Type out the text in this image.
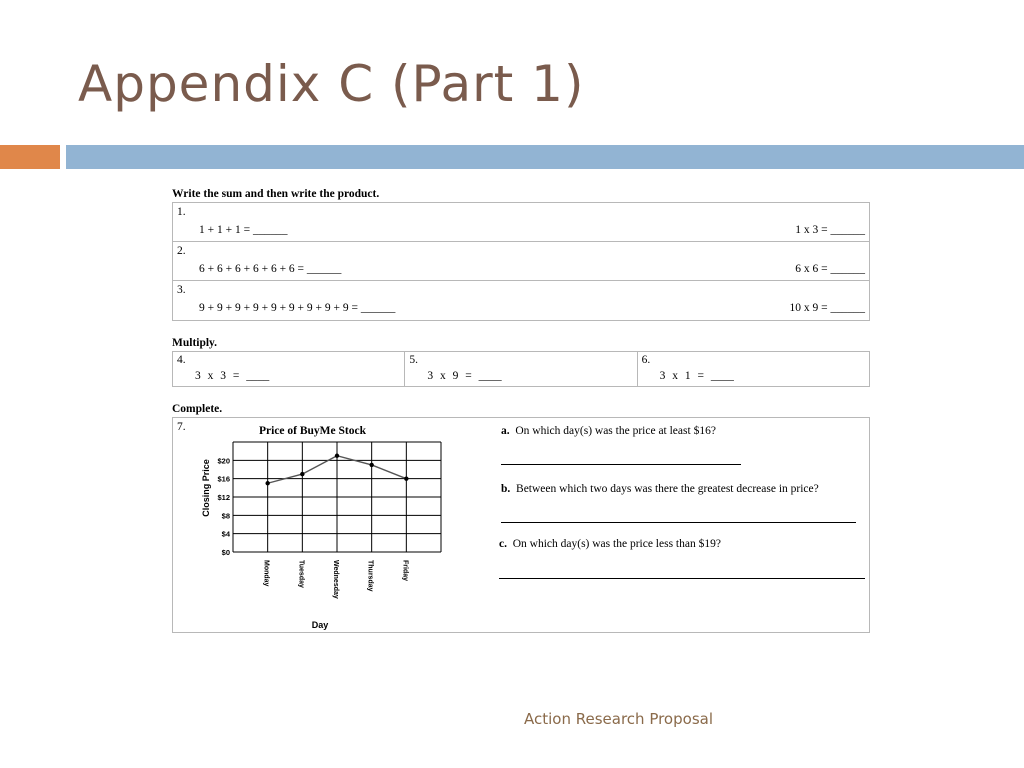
Appendix C (Part 1)
Write the sum and then write the product.
1.
1 + 1 + 1 = ______	1 x 3 = ______
2.
6 + 6 + 6 + 6 + 6 + 6 = ______	6 x 6 = ______
3.
9 + 9 + 9 + 9 + 9 + 9 + 9 + 9 + 9 = ______	10 x 9 = ______
Multiply.
4.
3 x 3 = ____
5.
3 x 9 = ____
6.
3 x 1 = ____
Complete.
7.	Price of BuyMe Stock
$0
$4
$8
$12
$16
$20
Monday	Tuesday	Wednesday	Thursday	Friday
Closing Price
Day
a. On which day(s) was the price at least $16?
b. Between which two days was there the greatest decrease in price?
c. On which day(s) was the price less than $19?
Action Research Proposal
